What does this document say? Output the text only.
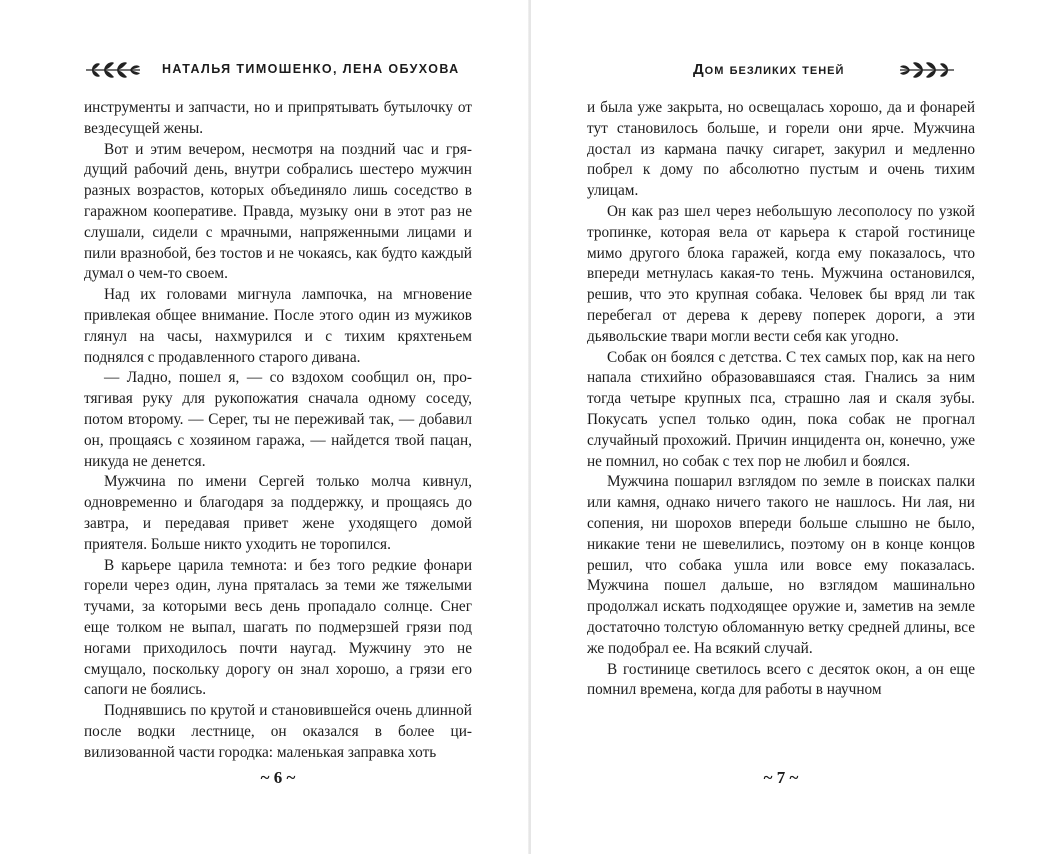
НАТАЛЬЯ ТИМОШЕНКО, ЛЕНА ОБУХОВА

инструменты и запчасти, но и припрятывать бутылочку от вездесущей жены.

Вот и этим вечером, несмотря на поздний час и грядущий рабочий день, внутри собрались шестеро мужчин разных возрастов, которых объединяло лишь соседство в гаражном кооперативе. Правда, музыку они в этот раз не слушали, сидели с мрачными, напряженными лицами и пили вразнобой, без тостов и не чокаясь, как будто каждый думал о чем-то своем.

Над их головами мигнула лампочка, на мгновение привлекая общее внимание. После этого один из мужиков глянул на часы, нахмурился и с тихим кряхтеньем поднялся с продавленного старого дивана.

— Ладно, пошел я, — со вздохом сообщил он, протягивая руку для рукопожатия сначала одному соседу, потом второму. — Серег, ты не переживай так, — добавил он, прощаясь с хозяином гаража, — найдется твой пацан, никуда не денется.

Мужчина по имени Сергей только молча кивнул, одновременно и благодаря за поддержку, и прощаясь до завтра, и передавая привет жене уходящего домой приятеля. Больше никто уходить не торопился.

В карьере царила темнота: и без того редкие фонари горели через один, луна пряталась за теми же тяжелыми тучами, за которыми весь день пропадало солнце. Снег еще толком не выпал, шагать по подмерзшей грязи под ногами приходилось почти наугад. Мужчину это не смущало, поскольку дорогу он знал хорошо, а грязи его сапоги не боялись.

Поднявшись по крутой и становившейся очень длинной после водки лестнице, он оказался в более цивилизованной части городка: маленькая заправка хоть

~ 6 ~
Дом безликих теней

и была уже закрыта, но освещалась хорошо, да и фонарей тут становилось больше, и горели они ярче. Мужчина достал из кармана пачку сигарет, закурил и медленно побрел к дому по абсолютно пустым и очень тихим улицам.

Он как раз шел через небольшую лесополосу по узкой тропинке, которая вела от карьера к старой гостинице мимо другого блока гаражей, когда ему показалось, что впереди метнулась какая-то тень. Мужчина остановился, решив, что это крупная собака. Человек бы вряд ли так перебегал от дерева к дереву поперек дороги, а эти дьявольские твари могли вести себя как угодно.

Собак он боялся с детства. С тех самых пор, как на него напала стихийно образовавшаяся стая. Гнались за ним тогда четыре крупных пса, страшно лая и скаля зубы. Покусать успел только один, пока собак не прогнал случайный прохожий. Причин инцидента он, конечно, уже не помнил, но собак с тех пор не любил и боялся.

Мужчина пошарил взглядом по земле в поисках палки или камня, однако ничего такого не нашлось. Ни лая, ни сопения, ни шорохов впереди больше слышно не было, никакие тени не шевелились, поэтому он в конце концов решил, что собака ушла или вовсе ему показалась. Мужчина пошел дальше, но взглядом машинально продолжал искать подходящее оружие и, заметив на земле достаточно толстую обломанную ветку средней длины, все же подобрал ее. На всякий случай.

В гостинице светилось всего с десяток окон, а он еще помнил времена, когда для работы в научном

~ 7 ~
